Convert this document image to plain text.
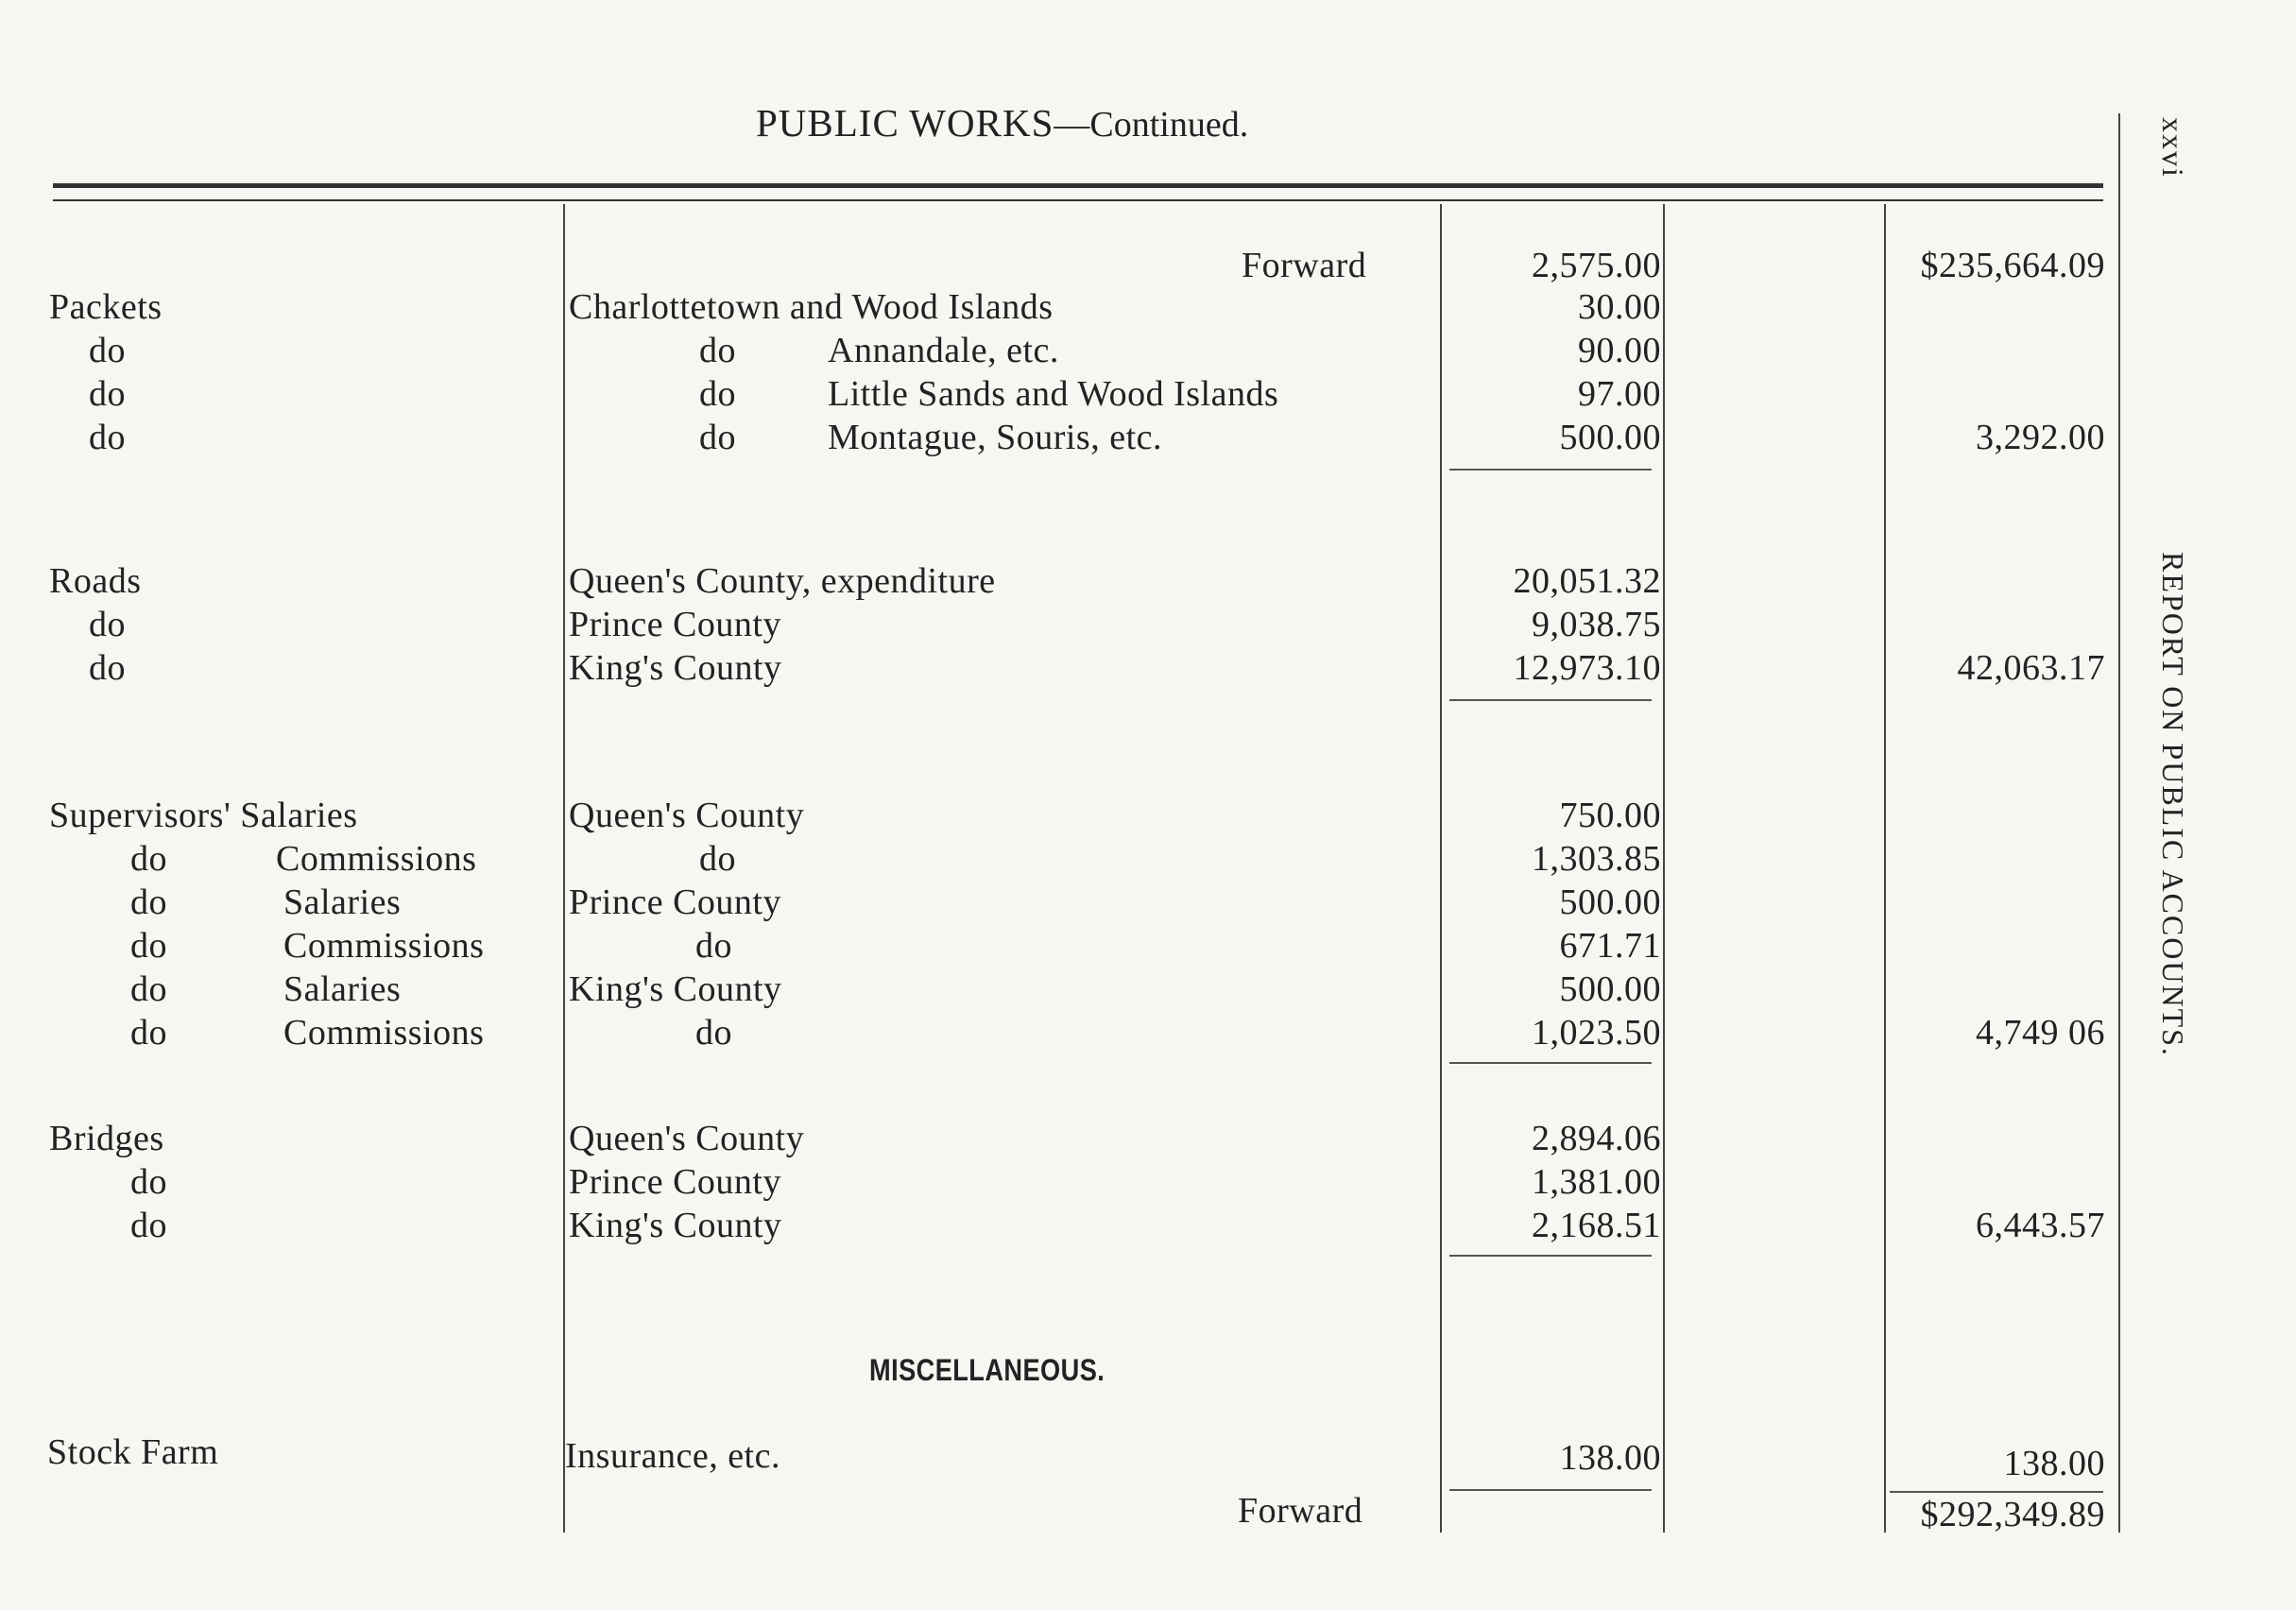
PUBLIC WORKS—Continued.	xxvi
REPORT ON PUBLIC ACCOUNTS.
Forward	2,575.00	$235,664.09
Packets	Charlottetown and Wood Islands	30.00
do	do	Annandale, etc.	90.00
do	do	Little Sands and Wood Islands	97.00
do	do	Montague, Souris, etc.	500.00	3,292.00
Roads	Queen's County, expenditure	20,051.32
do	Prince County	9,038.75
do	King's County	12,973.10	42,063.17
Supervisors' Salaries	Queen's County	750.00
do	Commissions	do	1,303.85
do	Salaries	Prince County	500.00
do	Commissions	do	671.71
do	Salaries	King's County	500.00
do	Commissions	do	1,023.50	4,749 06
Bridges	Queen's County	2,894.06
do	Prince County	1,381.00
do	King's County	2,168.51	6,443.57
MISCELLANEOUS.
Stock Farm	Insurance, etc.	138.00	138.00
Forward	$292,349.89
